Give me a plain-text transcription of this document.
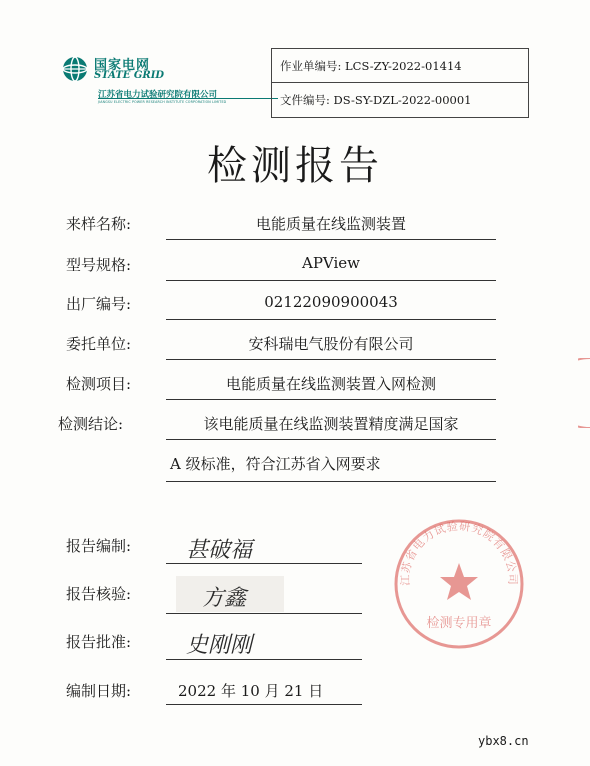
国家电网
STATE GRID
江苏省电力试验研究院有限公司
JIANGSU ELECTRIC POWER RESEARCH INSTITUTE CORPORATION LIMITED
作业单编号: LCS-ZY-2022-01414
文件编号: DS-SY-DZL-2022-00001
检测报告
来样名称:	电能质量在线监测装置
型号规格:	APView
出厂编号:	02122090900043
委托单位:	安科瑞电气股份有限公司
检测项目:	电能质量在线监测装置入网检测
检测结论:	该电能质量在线监测装置精度满足国家
A 级标准，符合江苏省入网要求
报告编制: 甚破福
报告核验:	方鑫
报告批准: 史刚刚
编制日期:	2022 年 10 月 21 日
江苏省电力试验研究院有限公司
检测专用章
ybx8.cn
